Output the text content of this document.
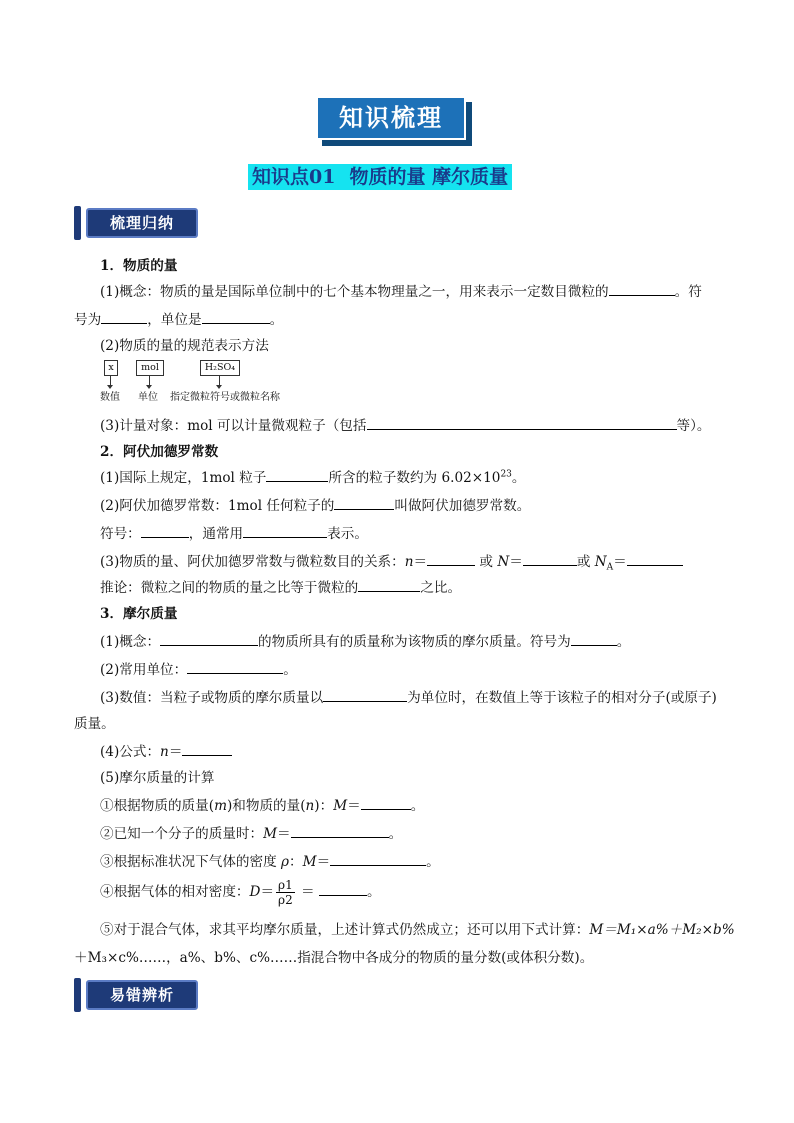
知识梳理
知识点01 物质的量 摩尔质量
梳理归纳
1．物质的量
(1)概念：物质的量是国际单位制中的七个基本物理量之一，用来表示一定数目微粒的	。符
号为	，单位是	。
(2)物质的量的规范表示方法
(3)计量对象：mol 可以计量微观粒子（包括	等）。
2．阿伏加德罗常数
(1)国际上规定，1mol 粒子	所含的粒子数约为 $6.02\times 10^{23}$。
(2)阿伏加德罗常数：1mol 任何粒子的	叫做阿伏加德罗常数。
符号：	，通常用	表示。
(3)物质的量、阿伏加德罗常数与微粒数目的关系：n＝	或 N＝	或 $N_A=$
推论：微粒之间的物质的量之比等于微粒的	之比。
3．摩尔质量
(1)概念：	的物质所具有的质量称为该物质的摩尔质量。符号为	。
(2)常用单位：	。
(3)数值：当粒子或物质的摩尔质量以	为单位时，在数值上等于该粒子的相对分子(或原子)
质量。
(4)公式：n＝
(5)摩尔质量的计算
①根据物质的质量(m)和物质的量(n)：M＝	。
②已知一个分子的质量时：M＝	。
③根据标准状况下气体的密度 ρ：M＝	。
④根据气体的相对密度：$D= \frac{\rho 1}{\rho 2}$ ＝	。
⑤对于混合气体，求其平均摩尔质量，上述计算式仍然成立；还可以用下式计算：M＝M₁×a%＋M₂×b%
＋M₃×c%……，a%、b%、c%……指混合物中各成分的物质的量分数(或体积分数)。
x	mol	H₂SO₄
数值 单位 指定微粒符号或微粒名称
易错辨析
